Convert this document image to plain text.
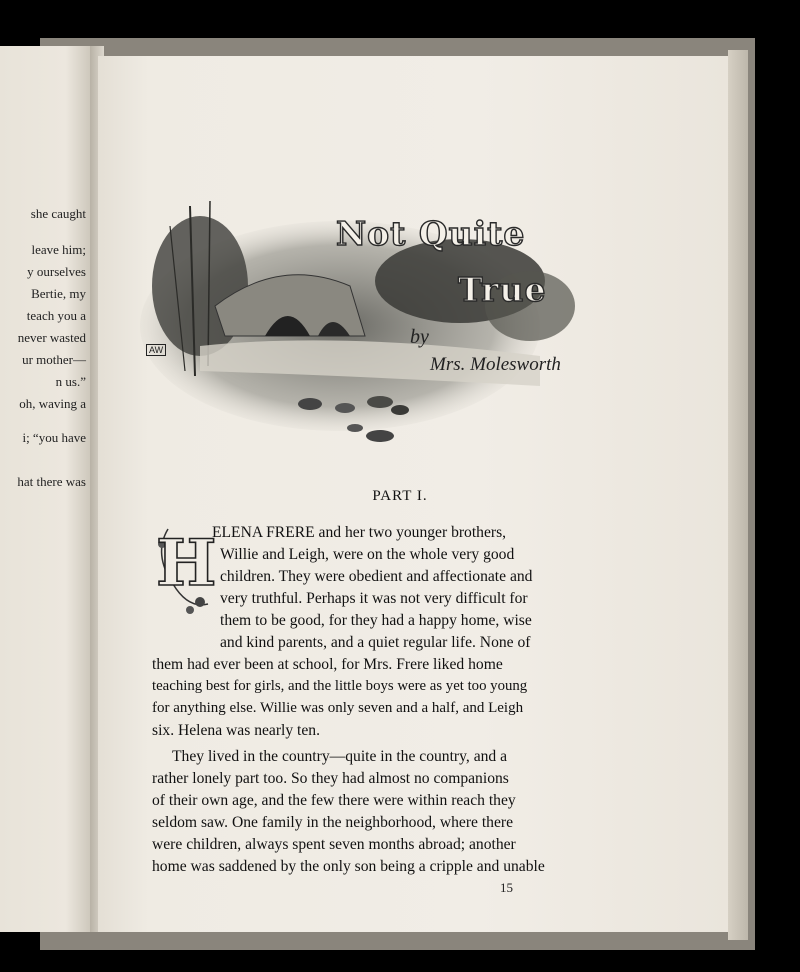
she caught
leave him;
y ourselves
Bertie, my
teach you a
never wasted
ur mother—
n us.”
oh, waving a
i; “you have
hat there was
AW
Not Quite
True
by
Mrs. Molesworth
PART I.
H
ELENA FRERE and her two younger brothers,
Willie and Leigh, were on the whole very good
children. They were obedient and affectionate and
very truthful. Perhaps it was not very difficult for
them to be good, for they had a happy home, wise
and kind parents, and a quiet regular life. None of
them had ever been at school, for Mrs. Frere liked home
teaching best for girls, and the little boys were as yet too young
for anything else. Willie was only seven and a half, and Leigh
six. Helena was nearly ten.
They lived in the country—quite in the country, and a
rather lonely part too. So they had almost no companions
of their own age, and the few there were within reach they
seldom saw. One family in the neighborhood, where there
were children, always spent seven months abroad; another
home was saddened by the only son being a cripple and unable
15
